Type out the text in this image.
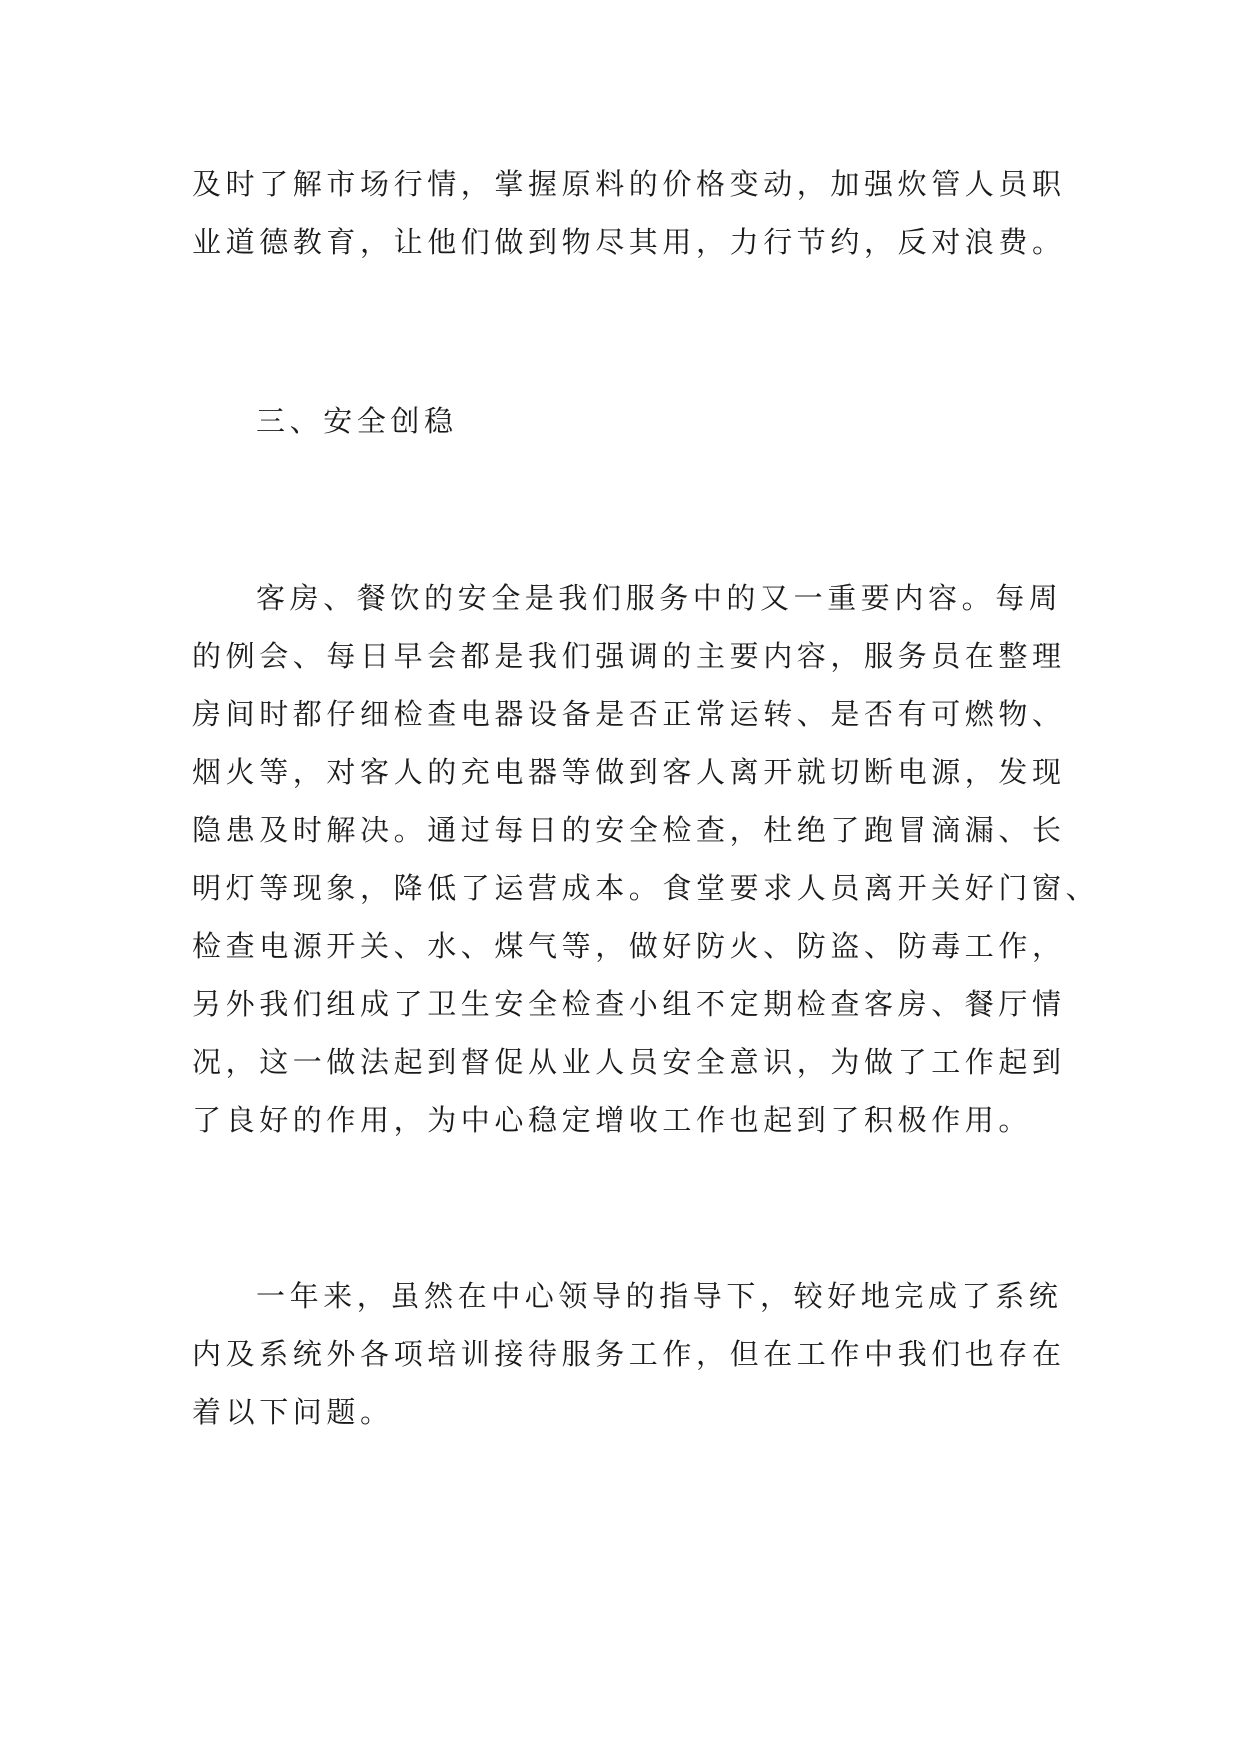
及时了解市场行情，掌握原料的价格变动，加强炊管人员职
业道德教育，让他们做到物尽其用，力行节约，反对浪费。
三、安全创稳
客房、餐饮的安全是我们服务中的又一重要内容。每周
的例会、每日早会都是我们强调的主要内容，服务员在整理
房间时都仔细检查电器设备是否正常运转、是否有可燃物、
烟火等，对客人的充电器等做到客人离开就切断电源，发现
隐患及时解决。通过每日的安全检查，杜绝了跑冒滴漏、长
明灯等现象，降低了运营成本。食堂要求人员离开关好门窗、
检查电源开关、水、煤气等，做好防火、防盗、防毒工作，
另外我们组成了卫生安全检查小组不定期检查客房、餐厅情
况，这一做法起到督促从业人员安全意识，为做了工作起到
了良好的作用，为中心稳定增收工作也起到了积极作用。
一年来，虽然在中心领导的指导下，较好地完成了系统
内及系统外各项培训接待服务工作，但在工作中我们也存在
着以下问题。
